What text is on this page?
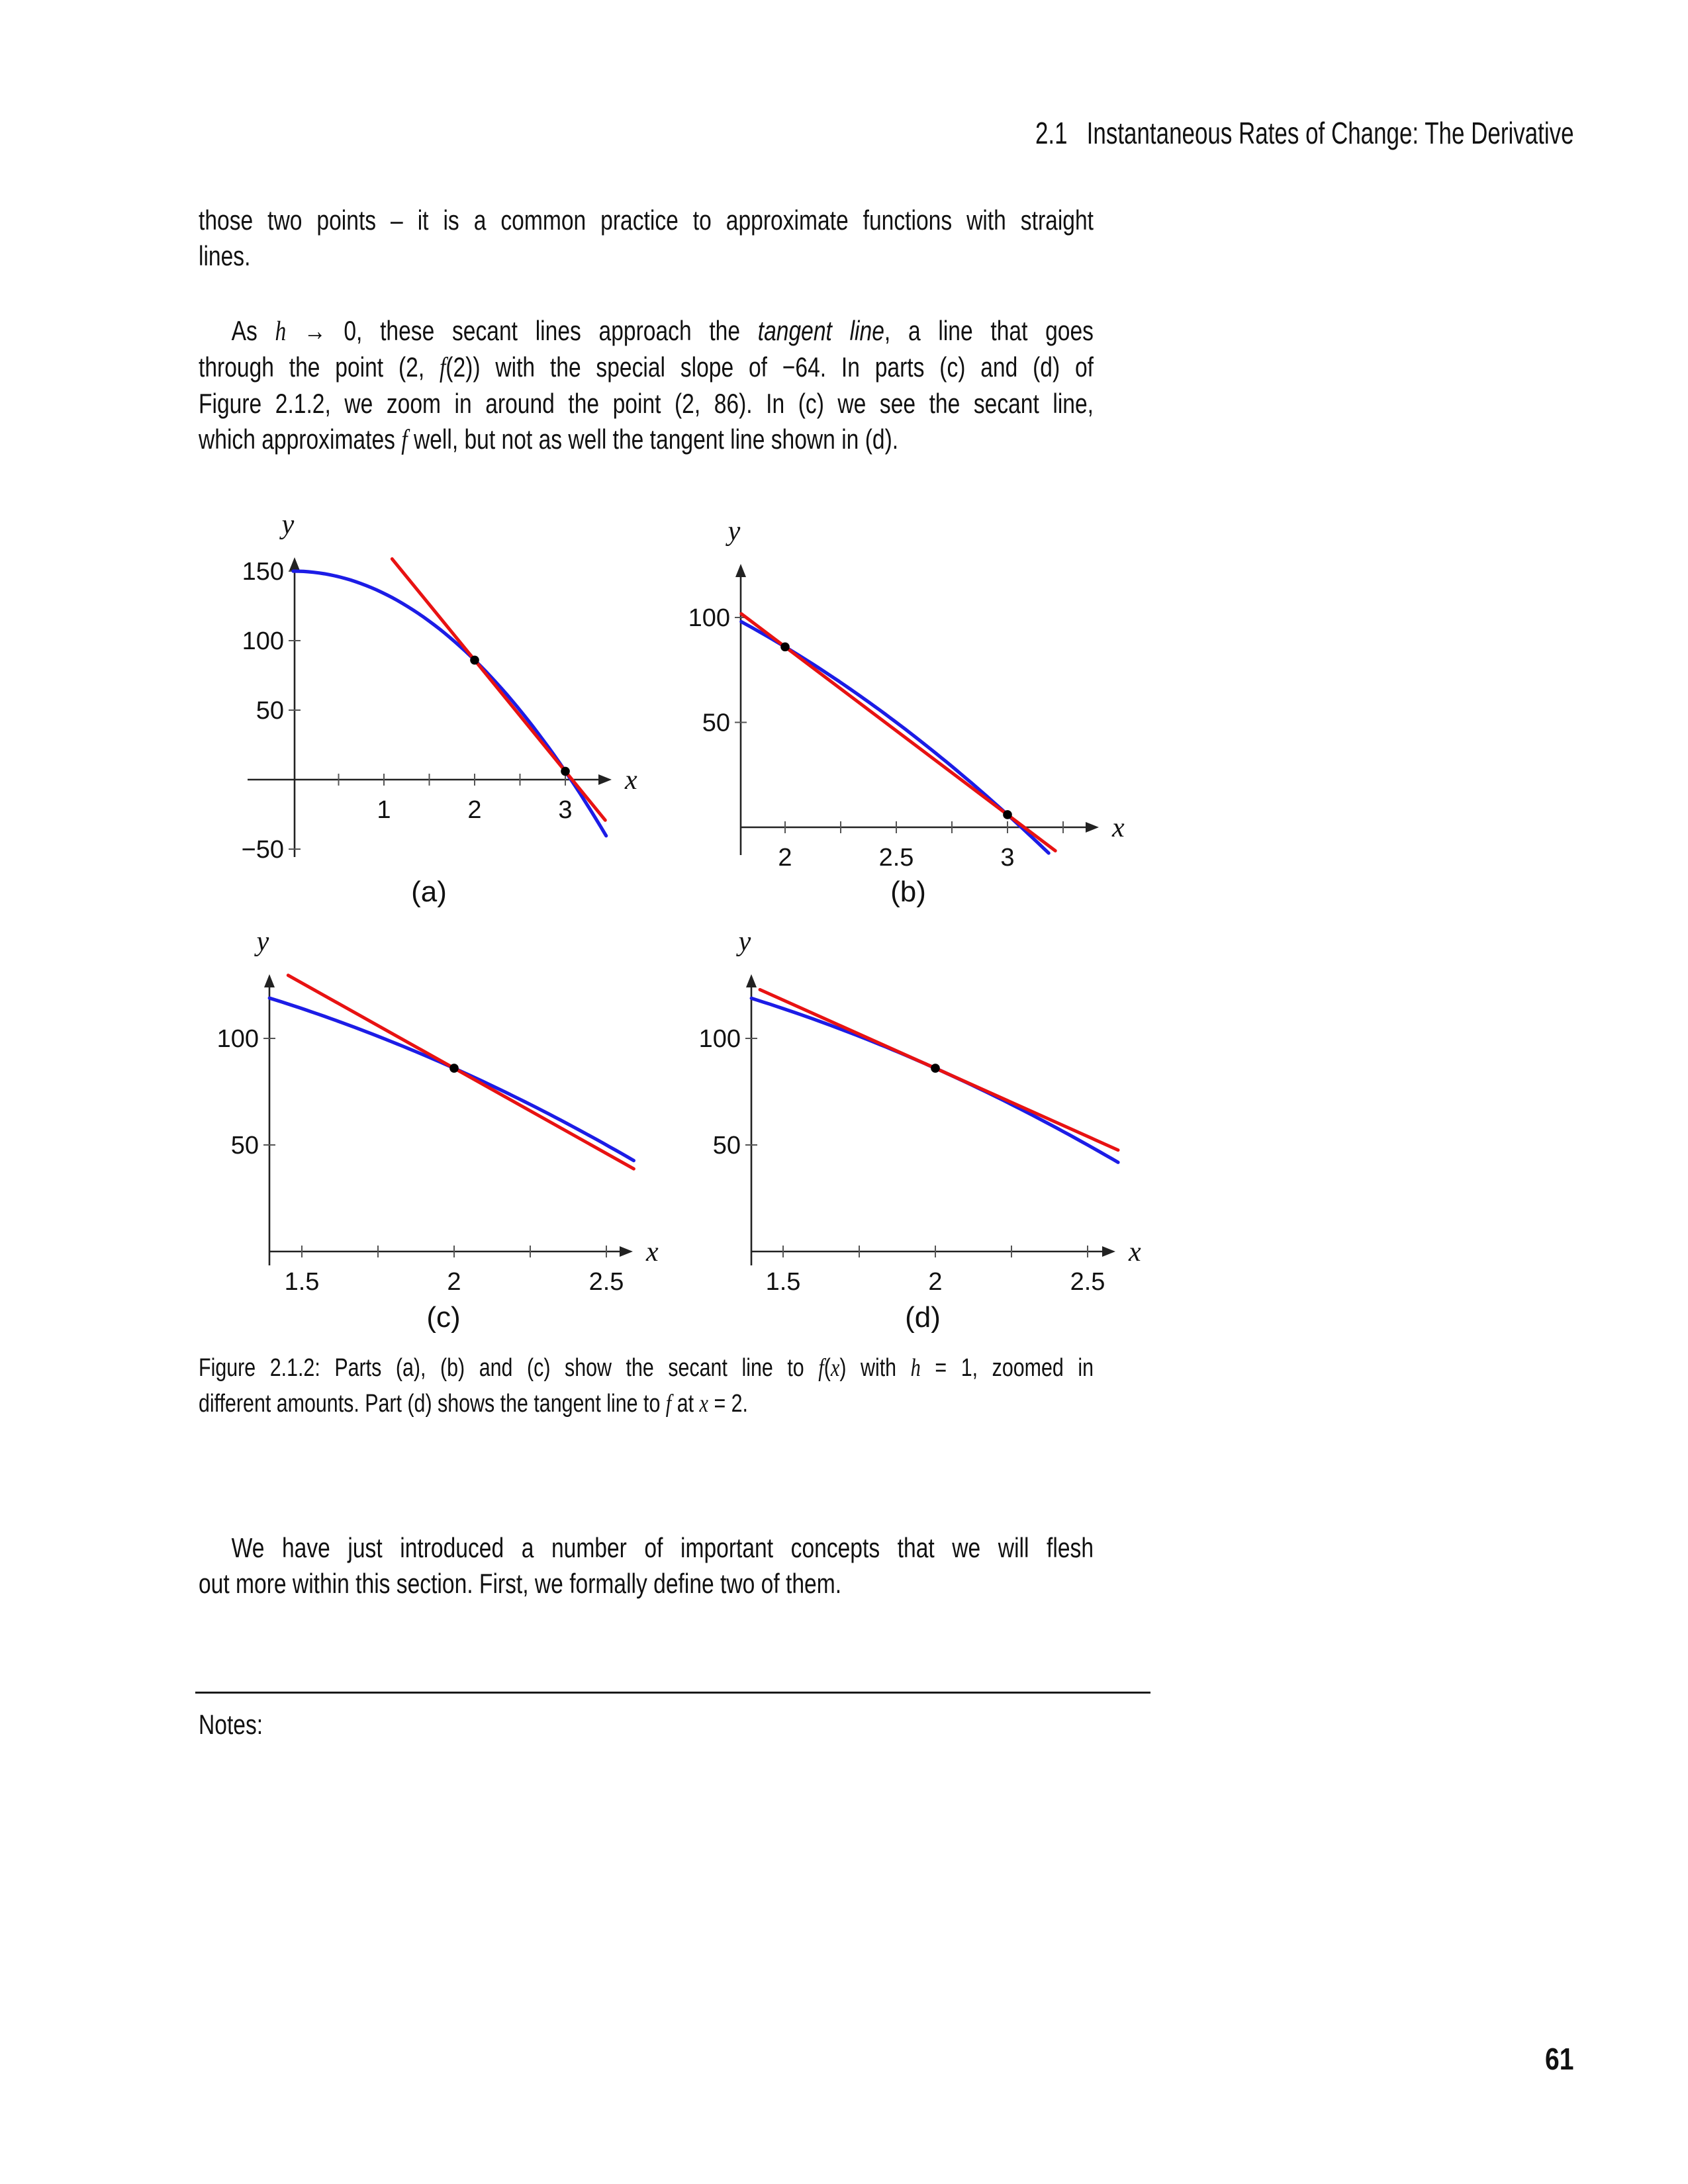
2.1   Instantaneous Rates of Change: The Derivative
those two points – it is a common practice to approximate functions with straight
lines.
As h → 0, these secant lines approach the tangent line, a line that goes
through the point (2, f(2)) with the special slope of −64. In parts (c) and (d) of
Figure 2.1.2, we zoom in around the point (2, 86). In (c) we see the secant line,
which approximates f well, but not as well the tangent line shown in (d).
1	2	3
150
100
50
−50
x
y
2	2.5	3
100
50
x
y
1.5	2	2.5
100
50
x
y
1.5	2	2.5
100
50
x
y
(a)	(b)
(c)	(d)
Figure 2.1.2: Parts (a), (b) and (c) show the secant line to f(x) with h = 1, zoomed in
different amounts. Part (d) shows the tangent line to f at x = 2.
We have just introduced a number of important concepts that we will flesh
out more within this section. First, we formally define two of them.
Notes:
61
